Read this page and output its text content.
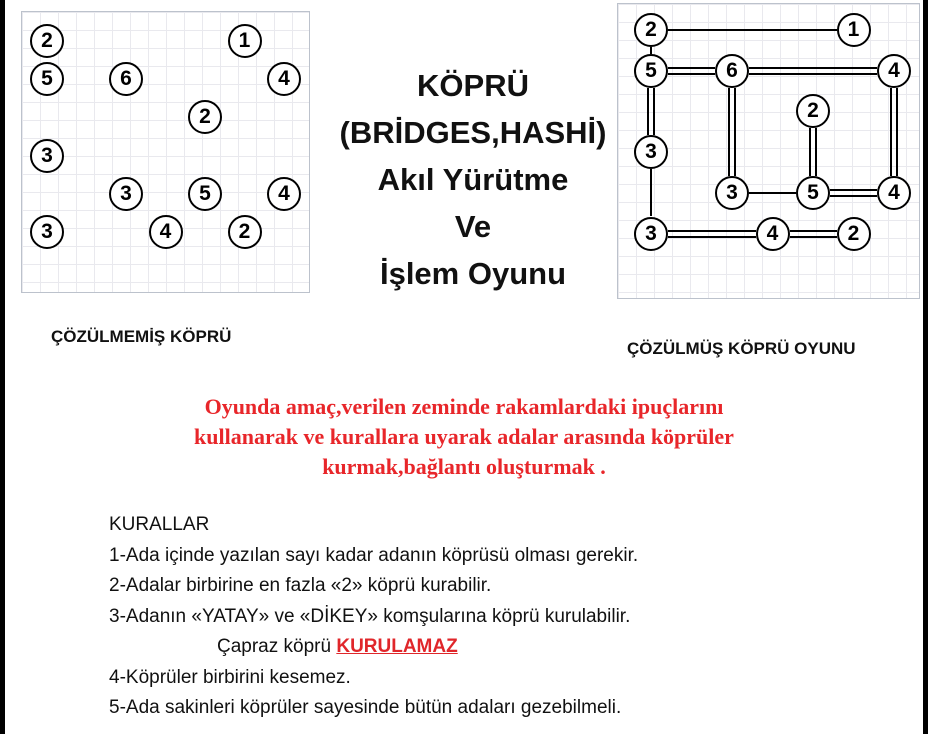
2	1
5	6	4
2
3
3	5	4
3	4	2
2	1
5	6	4
2
3
3	5	4
3	4	2
KÖPRÜ
(BRİDGES,HASHİ)
Akıl Yürütme
Ve
İşlem Oyunu
ÇÖZÜLMEMİŞ KÖPRÜ
ÇÖZÜLMÜŞ KÖPRÜ OYUNU
Oyunda amaç,verilen zeminde rakamlardaki ipuçlarını
kullanarak ve kurallara uyarak adalar arasında köprüler
kurmak,bağlantı oluşturmak .
KURALLAR
1-Ada içinde yazılan sayı kadar adanın köprüsü olması gerekir.
2-Adalar birbirine en fazla «2» köprü kurabilir.
3-Adanın «YATAY» ve «DİKEY» komşularına köprü kurulabilir.
Çapraz köprü KURULAMAZ
4-Köprüler birbirini kesemez.
5-Ada sakinleri köprüler sayesinde bütün adaları gezebilmeli.
